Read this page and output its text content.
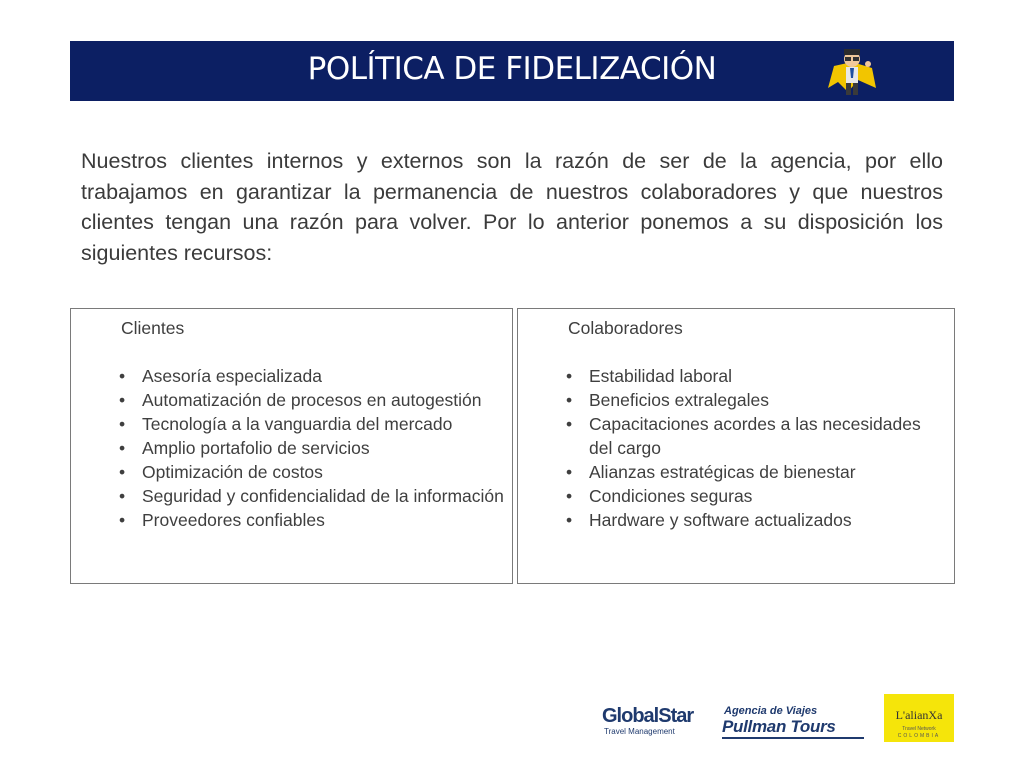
POLÍTICA DE FIDELIZACIÓN
Nuestros clientes internos y externos son la razón de ser de la agencia, por ello trabajamos en garantizar la permanencia de nuestros colaboradores y que nuestros clientes tengan una razón para volver. Por lo anterior ponemos a su disposición los siguientes recursos:
Clientes
• Asesoría especializada
• Automatización de procesos en autogestión
• Tecnología a la vanguardia del mercado
• Amplio portafolio de servicios
• Optimización de costos
• Seguridad y confidencialidad de la información
• Proveedores confiables
Colaboradores
• Estabilidad laboral
• Beneficios extralegales
• Capacitaciones acordes a las necesidades del cargo
• Alianzas estratégicas de bienestar
• Condiciones seguras
• Hardware y software actualizados
GlobalStar
Travel Management
Agencia de Viajes
Pullman Tours
L'alianXa
Travel Network
COLOMBIA
